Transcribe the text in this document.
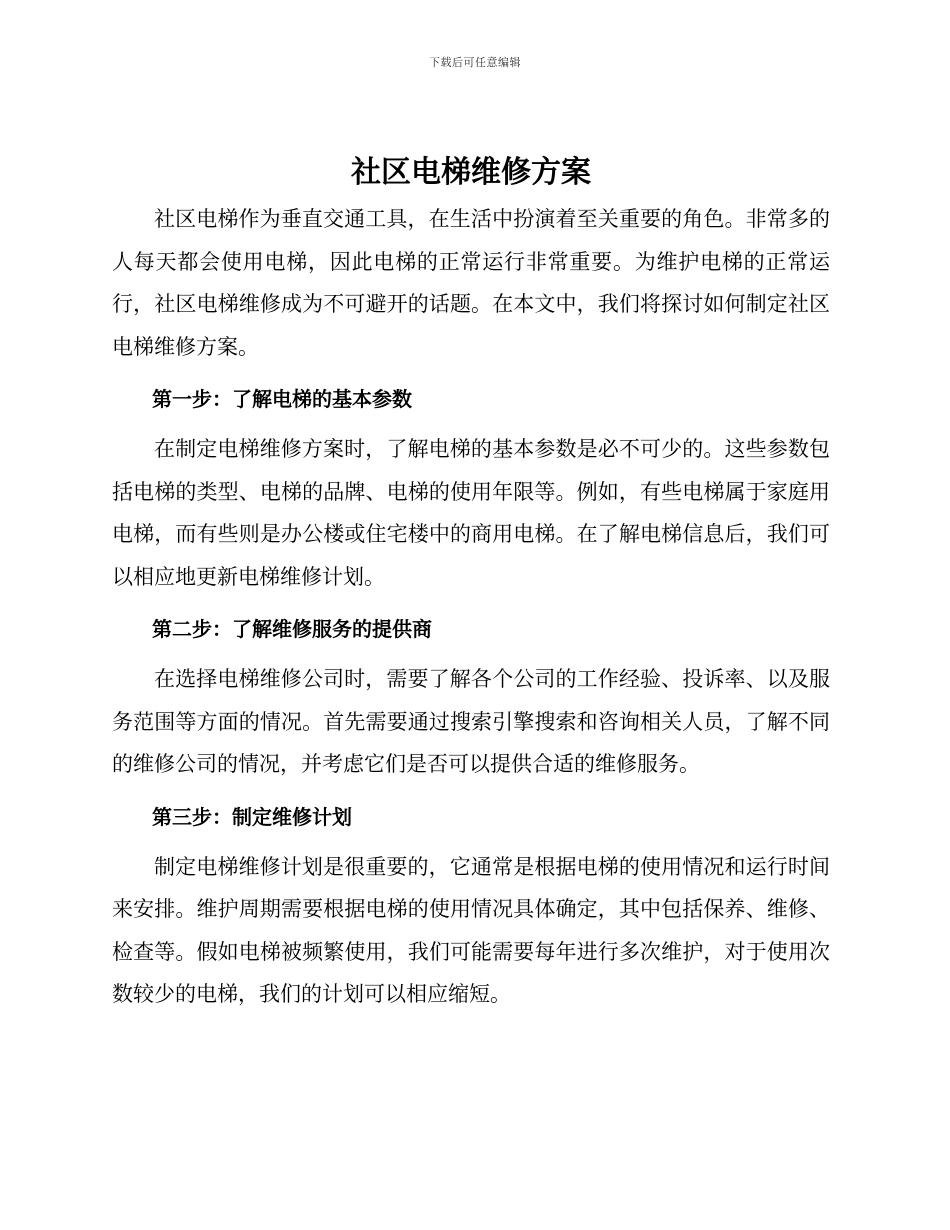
下载后可任意编辑
社区电梯维修方案

社区电梯作为垂直交通工具，在生活中扮演着至关重要的角色。非常多的人每天都会使用电梯，因此电梯的正常运行非常重要。为维护电梯的正常运行，社区电梯维修成为不可避开的话题。在本文中，我们将探讨如何制定社区电梯维修方案。

第一步：了解电梯的基本参数

在制定电梯维修方案时，了解电梯的基本参数是必不可少的。这些参数包括电梯的类型、电梯的品牌、电梯的使用年限等。例如，有些电梯属于家庭用电梯，而有些则是办公楼或住宅楼中的商用电梯。在了解电梯信息后，我们可以相应地更新电梯维修计划。

第二步：了解维修服务的提供商

在选择电梯维修公司时，需要了解各个公司的工作经验、投诉率、以及服务范围等方面的情况。首先需要通过搜索引擎搜索和咨询相关人员，了解不同的维修公司的情况，并考虑它们是否可以提供合适的维修服务。

第三步：制定维修计划

制定电梯维修计划是很重要的，它通常是根据电梯的使用情况和运行时间来安排。维护周期需要根据电梯的使用情况具体确定，其中包括保养、维修、检查等。假如电梯被频繁使用，我们可能需要每年进行多次维护，对于使用次数较少的电梯，我们的计划可以相应缩短。
